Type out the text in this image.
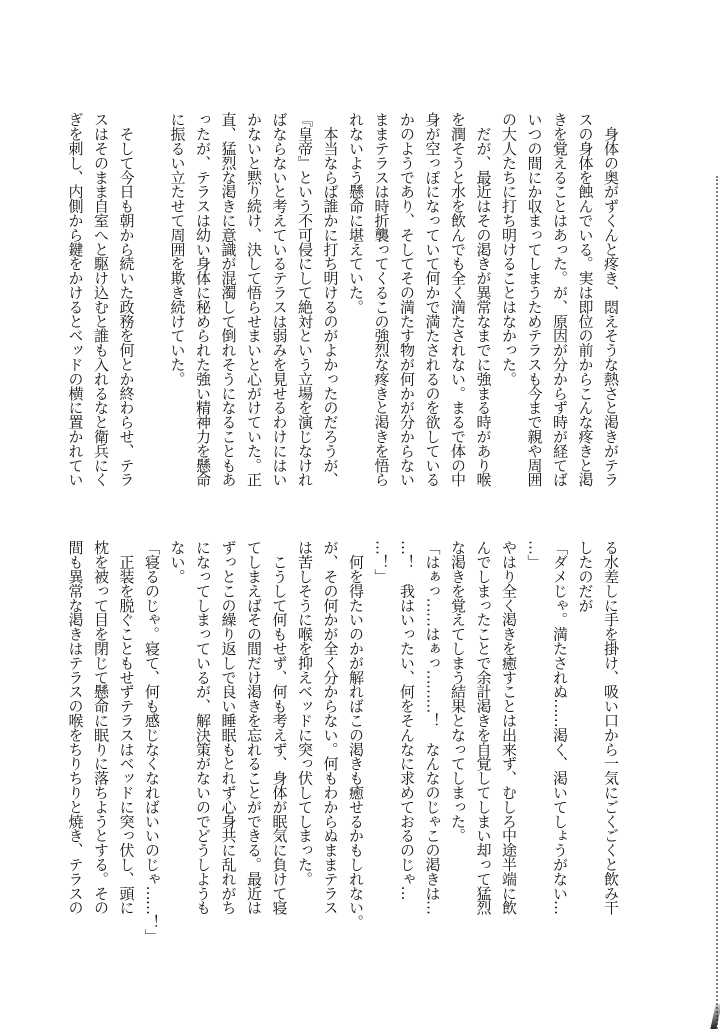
　身体の奥がずくんと疼き、悶えそうな熱さと渇きがテラ
スの身体を蝕んでいる。実は即位の前からこんな疼きと渇
きを覚えることはあった。が、原因が分からず時が経てば
いつの間にか収まってしまうためテラスも今まで親や周囲
の大人たちに打ち明けることはなかった。
　だが、最近はその渇きが異常なまでに強まる時があり喉
を潤そうと水を飲んでも全く満たされない。まるで体の中
身が空っぽになっていて何かで満たされるのを欲している
かのようであり、そしてその満たす物が何かが分からない
ままテラスは時折襲ってくるこの強烈な疼きと渇きを悟ら
れないよう懸命に堪えていた。
　本当ならば誰かに打ち明けるのがよかったのだろうが、
『皇帝』という不可侵にして絶対という立場を演じなけれ
ばならないと考えているテラスは弱みを見せるわけにはい
かないと黙り続け、決して悟らせまいと心がけていた。正
直、猛烈な渇きに意識が混濁して倒れそうになることもあ
ったが、テラスは幼い身体に秘められた強い精神力を懸命
に振るい立たせて周囲を欺き続けていた。
　そして今日も朝から続いた政務を何とか終わらせ、テラ
スはそのまま自室へと駆け込むと誰も入れるなと衛兵にく
ぎを刺し、内側から鍵をかけるとベッドの横に置かれてい
る水差しに手を掛け、吸い口から一気にごくごくと飲み干
したのだが
「ダメじゃ。満たされぬ……渇く、渇いてしょうがない…
…」
やはり全く渇きを癒すことは出来ず、むしろ中途半端に飲
んでしまったことで余計渇きを自覚してしまい却って猛烈
な渇きを覚えてしまう結果となってしまった。
「はぁっ……はぁっ………！　なんなのじゃこの渇きは…
…！　我はいったい、何をそんなに求めておるのじゃ…
…！」
　何を得たいのかが解ればこの渇きも癒せるかもしれない。
が、その何かが全く分からない。何もわからぬままテラス
は苦しそうに喉を抑えベッドに突っ伏してしまった。
　こうして何もせず、何も考えず、身体が眠気に負けて寝
てしまえばその間だけ渇きを忘れることができる。最近は
ずっとこの繰り返しで良い睡眠もとれず心身共に乱れがち
になってしまっているが、解決策がないのでどうしようも
ない。
「寝るのじゃ。寝て、何も感じなくなればいいのじゃ……！」
　正装を脱ぐこともせずテラスはベッドに突っ伏し、頭に
枕を被って目を閉じて懸命に眠りに落ちようとする。その
間も異常な渇きはテラスの喉をちりちりと焼き、テラスの
